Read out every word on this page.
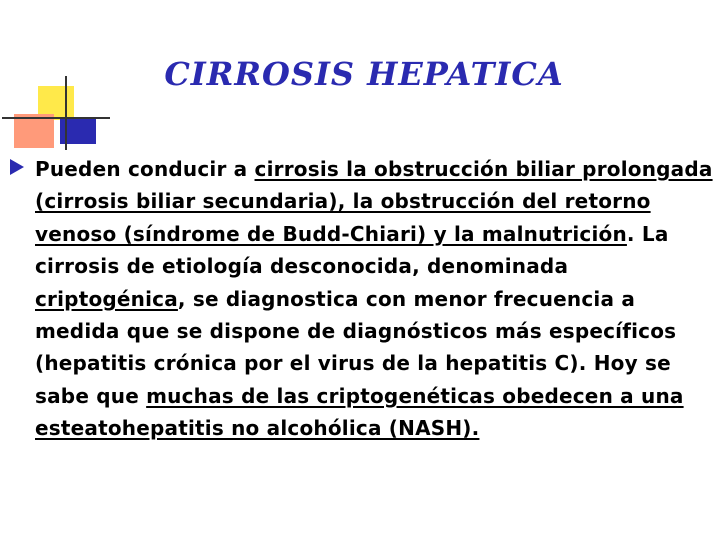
CIRROSIS HEPATICA

Pueden conducir a cirrosis la obstrucción biliar prolongada (cirrosis biliar secundaria), la obstrucción del retorno venoso (síndrome de Budd-Chiari) y la malnutrición. La cirrosis de etiología desconocida, denominada criptogénica, se diagnostica con menor frecuencia a medida que se dispone de diagnósticos más específicos (hepatitis crónica por el virus de la hepatitis C). Hoy se sabe que muchas de las criptogenéticas obedecen a una esteatohepatitis no alcohólica (NASH).
